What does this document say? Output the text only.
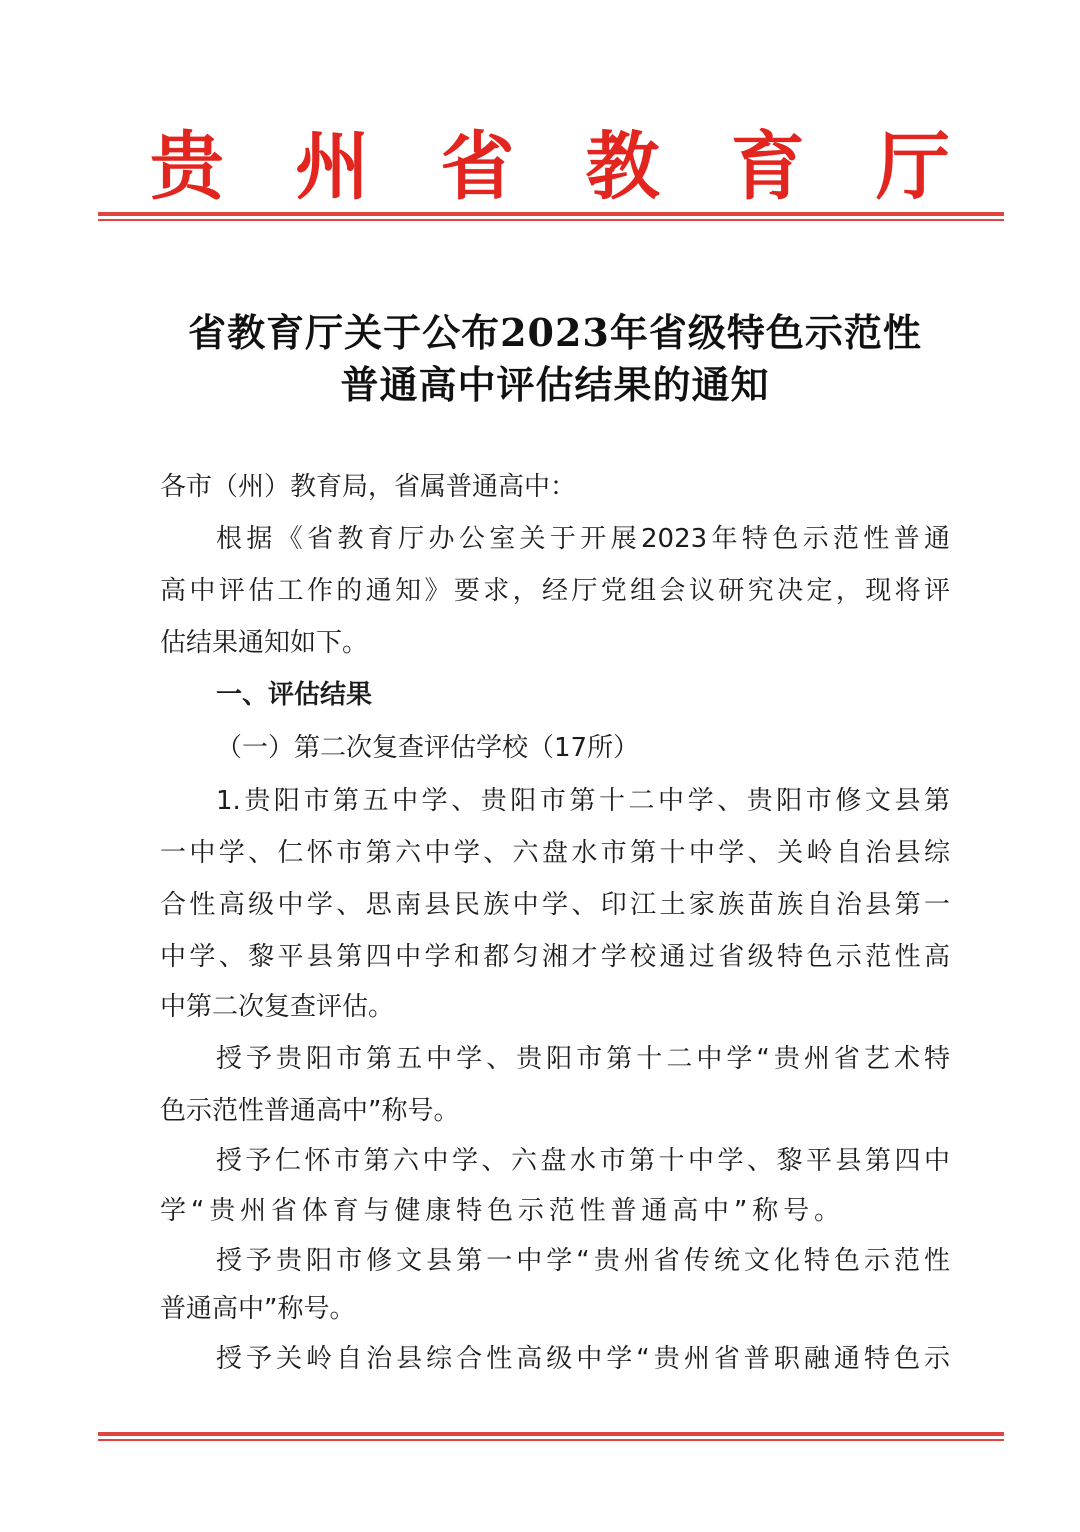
贵 州 省 教 育 厅
省教育厅关于公布2023年省级特色示范性
普通高中评估结果的通知
各市（州）教育局，省属普通高中：
根据《省教育厅办公室关于开展2023年特色示范性普通
高中评估工作的通知》要求，经厅党组会议研究决定，现将评
估结果通知如下。
一、评估结果
（一）第二次复查评估学校（17所）
1.贵阳市第五中学、贵阳市第十二中学、贵阳市修文县第
一中学、仁怀市第六中学、六盘水市第十中学、关岭自治县综
合性高级中学、思南县民族中学、印江土家族苗族自治县第一
中学、黎平县第四中学和都匀湘才学校通过省级特色示范性高
中第二次复查评估。
授予贵阳市第五中学、贵阳市第十二中学“贵州省艺术特
色示范性普通高中”称号。
授予仁怀市第六中学、六盘水市第十中学、黎平县第四中
学“贵州省体育与健康特色示范性普通高中”称号。
授予贵阳市修文县第一中学“贵州省传统文化特色示范性
普通高中”称号。
授予关岭自治县综合性高级中学“贵州省普职融通特色示
